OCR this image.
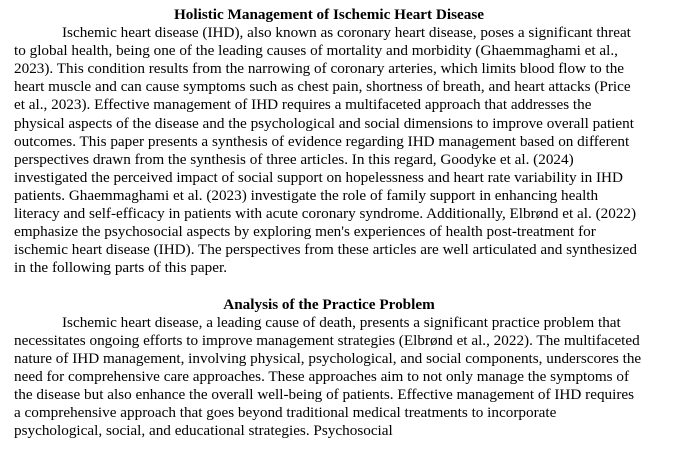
Holistic Management of Ischemic Heart Disease

Ischemic heart disease (IHD), also known as coronary heart disease, poses a significant threat to global health, being one of the leading causes of mortality and morbidity (Ghaemmaghami et al., 2023). This condition results from the narrowing of coronary arteries, which limits blood flow to the heart muscle and can cause symptoms such as chest pain, shortness of breath, and heart attacks (Price et al., 2023). Effective management of IHD requires a multifaceted approach that addresses the physical aspects of the disease and the psychological and social dimensions to improve overall patient outcomes. This paper presents a synthesis of evidence regarding IHD management based on different perspectives drawn from the synthesis of three articles. In this regard, Goodyke et al. (2024) investigated the perceived impact of social support on hopelessness and heart rate variability in IHD patients. Ghaemmaghami et al. (2023) investigate the role of family support in enhancing health literacy and self-efficacy in patients with acute coronary syndrome. Additionally, Elbrønd et al. (2022) emphasize the psychosocial aspects by exploring men's experiences of health post-treatment for ischemic heart disease (IHD). The perspectives from these articles are well articulated and synthesized in the following parts of this paper.

Analysis of the Practice Problem

Ischemic heart disease, a leading cause of death, presents a significant practice problem that necessitates ongoing efforts to improve management strategies (Elbrønd et al., 2022). The multifaceted nature of IHD management, involving physical, psychological, and social components, underscores the need for comprehensive care approaches. These approaches aim to not only manage the symptoms of the disease but also enhance the overall well-being of patients. Effective management of IHD requires a comprehensive approach that goes beyond traditional medical treatments to incorporate psychological, social, and educational strategies. Psychosocial
